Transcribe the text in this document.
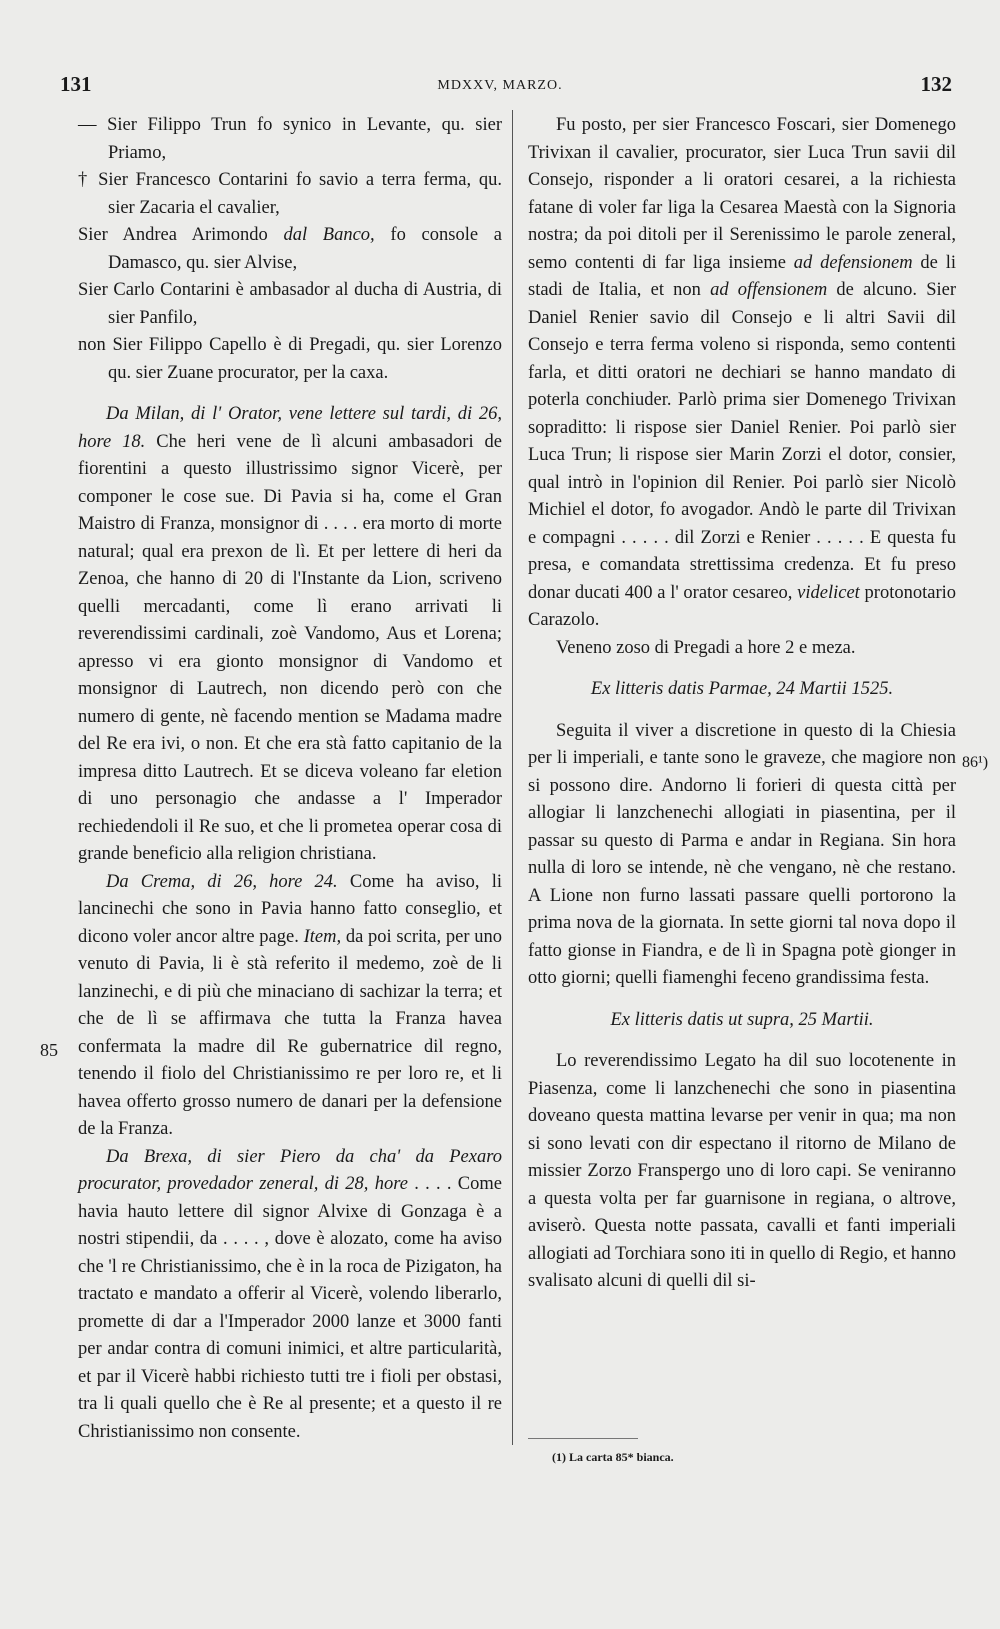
131	MDXXV, MARZO.	132

— Sier Filippo Trun fo synico in Levante, qu. sier Priamo,

† Sier Francesco Contarini fo savio a terra ferma, qu. sier Zacaria el cavalier,

Sier Andrea Arimondo dal Banco, fo console a Damasco, qu. sier Alvise,

Sier Carlo Contarini è ambasador al ducha di Austria, di sier Panfilo,

non Sier Filippo Capello è di Pregadi, qu. sier Lorenzo qu. sier Zuane procurator, per la caxa.

Da Milan, di l' Orator, vene lettere sul tardi, di 26, hore 18. Che heri vene de lì alcuni ambasadori de fiorentini a questo illustrissimo signor Vicerè, per componer le cose sue. Di Pavia si ha, come el Gran Maistro di Franza, monsignor di . . . . era morto di morte natural; qual era prexon de lì. Et per lettere di heri da Zenoa, che hanno di 20 di l'Instante da Lion, scriveno quelli mercadanti, come lì erano arrivati li reverendissimi cardinali, zoè Vandomo, Aus et Lorena; apresso vi era gionto monsignor di Vandomo et monsignor di Lautrech, non dicendo però con che numero di gente, nè facendo mention se Madama madre del Re era ivi, o non. Et che era stà fatto capitanio de la impresa ditto Lautrech. Et se diceva voleano far eletion di uno personagio che andasse a l' Imperador rechiedendoli il Re suo, et che li prometea operar cosa di grande beneficio alla religion christiana.

Da Crema, di 26, hore 24. Come ha aviso, li lancinechi che sono in Pavia hanno fatto conseglio, et dicono voler ancor altre page. Item, da poi scrita, per uno venuto di Pavia, li è stà referito il medemo, zoè de li lanzinechi, e di più che minaciano di sachizar la terra; et che de lì se affirmava che tutta la Franza havea confermata la madre dil Re gubernatrice dil regno, tenendo il fiolo del Christianissimo re per loro re, et li havea offerto grosso numero de danari per la defensione de la Franza.

Da Brexa, di sier Piero da cha' da Pexaro procurator, provedador zeneral, di 28, hore . . . . Come havia hauto lettere dil signor Alvixe di Gonzaga è a nostri stipendii, da . . . . , dove è alozato, come ha aviso che 'l re Christianissimo, che è in la roca de Pizigaton, ha tractato e mandato a offerir al Vicerè, volendo liberarlo, promette di dar a l'Imperador 2000 lanze et 3000 fanti per andar contra di comuni inimici, et altre particularità, et par il Vicerè habbi richiesto tutti tre i fioli per obstasi, tra li quali quello che è Re al presente; et a questo il re Christianissimo non consente.

Fu posto, per sier Francesco Foscari, sier Domenego Trivixan il cavalier, procurator, sier Luca Trun savii dil Consejo, risponder a li oratori cesarei, a la richiesta fatane di voler far liga la Cesarea Maestà con la Signoria nostra; da poi ditoli per il Serenissimo le parole zeneral, semo contenti di far liga insieme ad defensionem de li stadi de Italia, et non ad offensionem de alcuno. Sier Daniel Renier savio dil Consejo e li altri Savii dil Consejo e terra ferma voleno si risponda, semo contenti farla, et ditti oratori ne dechiari se hanno mandato di poterla conchiuder. Parlò prima sier Domenego Trivixan sopraditto: li rispose sier Daniel Renier. Poi parlò sier Luca Trun; li rispose sier Marin Zorzi el dotor, consier, qual intrò in l'opinion dil Renier. Poi parlò sier Nicolò Michiel el dotor, fo avogador. Andò le parte dil Trivixan e compagni . . . . . dil Zorzi e Renier . . . . . E questa fu presa, e comandata strettissima credenza. Et fu preso donar ducati 400 a l' orator cesareo, videlicet protonotario Carazolo.

Veneno zoso di Pregadi a hore 2 e meza.

Ex litteris datis Parmae, 24 Martii 1525.

Seguita il viver a discretione in questo di la Chiesia per li imperiali, e tante sono le graveze, che magiore non si possono dire. Andorno li forieri di questa città per allogiar li lanzchenechi allogiati in piasentina, per il passar su questo di Parma e andar in Regiana. Sin hora nulla di loro se intende, nè che vengano, nè che restano. A Lione non furno lassati passare quelli portorono la prima nova de la giornata. In sette giorni tal nova dopo il fatto gionse in Fiandra, e de lì in Spagna potè gionger in otto giorni; quelli fiamenghi feceno grandissima festa.

Ex litteris datis ut supra, 25 Martii.

Lo reverendissimo Legato ha dil suo locotenente in Piasenza, come li lanzchenechi che sono in piasentina doveano questa mattina levarse per venir in qua; ma non si sono levati con dir espectano il ritorno de Milano de missier Zorzo Franspergo uno di loro capi. Se veniranno a questa volta per far guarnisone in regiana, o altrove, aviserò. Questa notte passata, cavalli et fanti imperiali allogiati ad Torchiara sono iti in quello di Regio, et hanno svalisato alcuni di quelli dil si-

85
86¹)
(1) La carta 85* bianca.
